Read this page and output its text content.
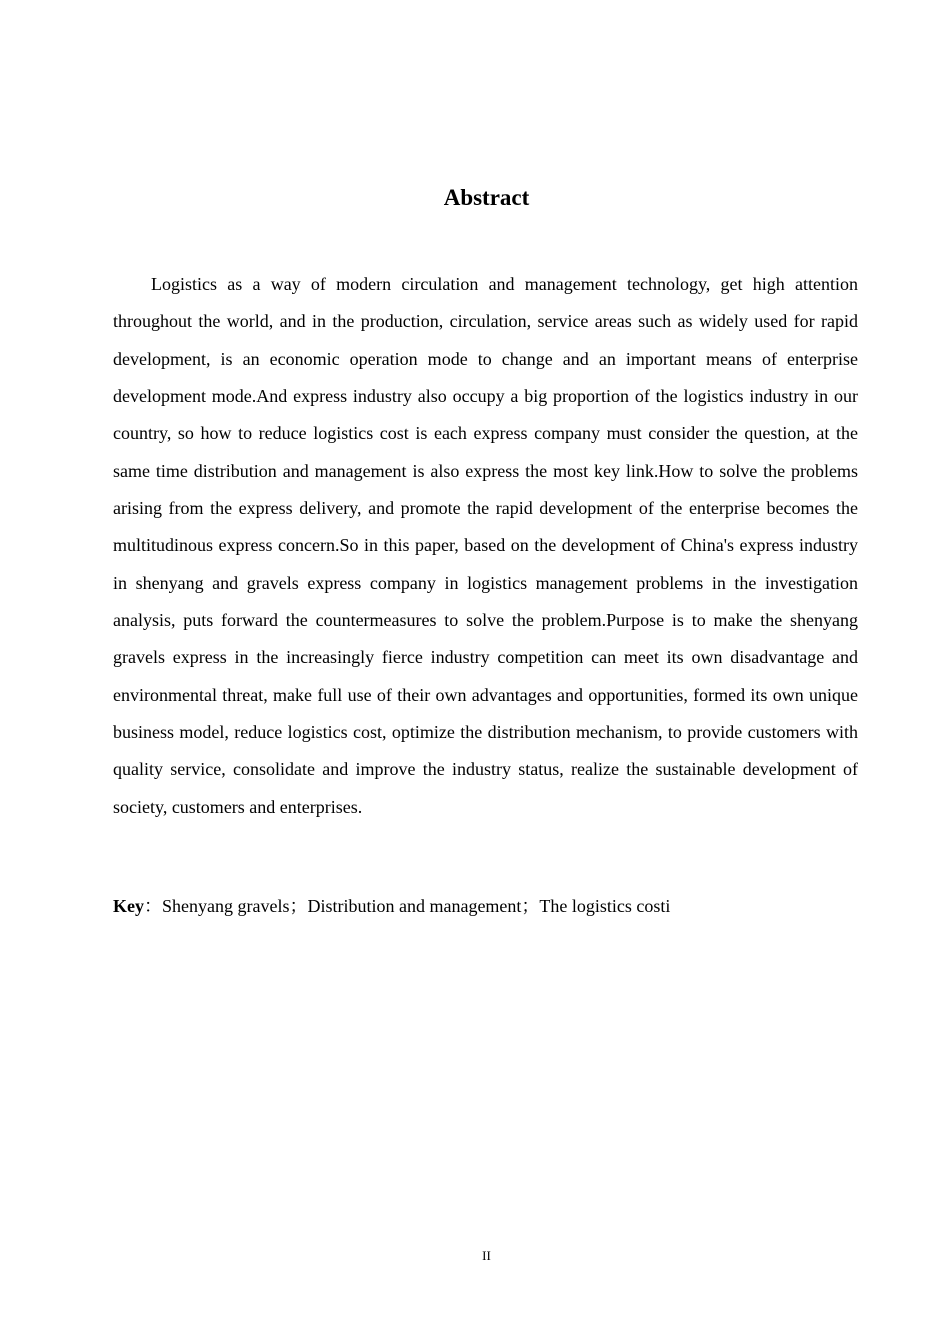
Abstract

Logistics as a way of modern circulation and management technology, get high attention throughout the world, and in the production, circulation, service areas such as widely used for rapid development, is an economic operation mode to change and an important means of enterprise development mode.And express industry also occupy a big proportion of the logistics industry in our country, so how to reduce logistics cost is each express company must consider the question, at the same time distribution and management is also express the most key link.How to solve the problems arising from the express delivery, and promote the rapid development of the enterprise becomes the multitudinous express concern.So in this paper, based on the development of China's express industry in shenyang and gravels express company in logistics management problems in the investigation analysis, puts forward the countermeasures to solve the problem.Purpose is to make the shenyang gravels express in the increasingly fierce industry competition can meet its own disadvantage and environmental threat, make full use of their own advantages and opportunities, formed its own unique business model, reduce logistics cost, optimize the distribution mechanism, to provide customers with quality service, consolidate and improve the industry status, realize the sustainable development of society, customers and enterprises.

Key：Shenyang gravels；Distribution and management；The logistics costi

II
